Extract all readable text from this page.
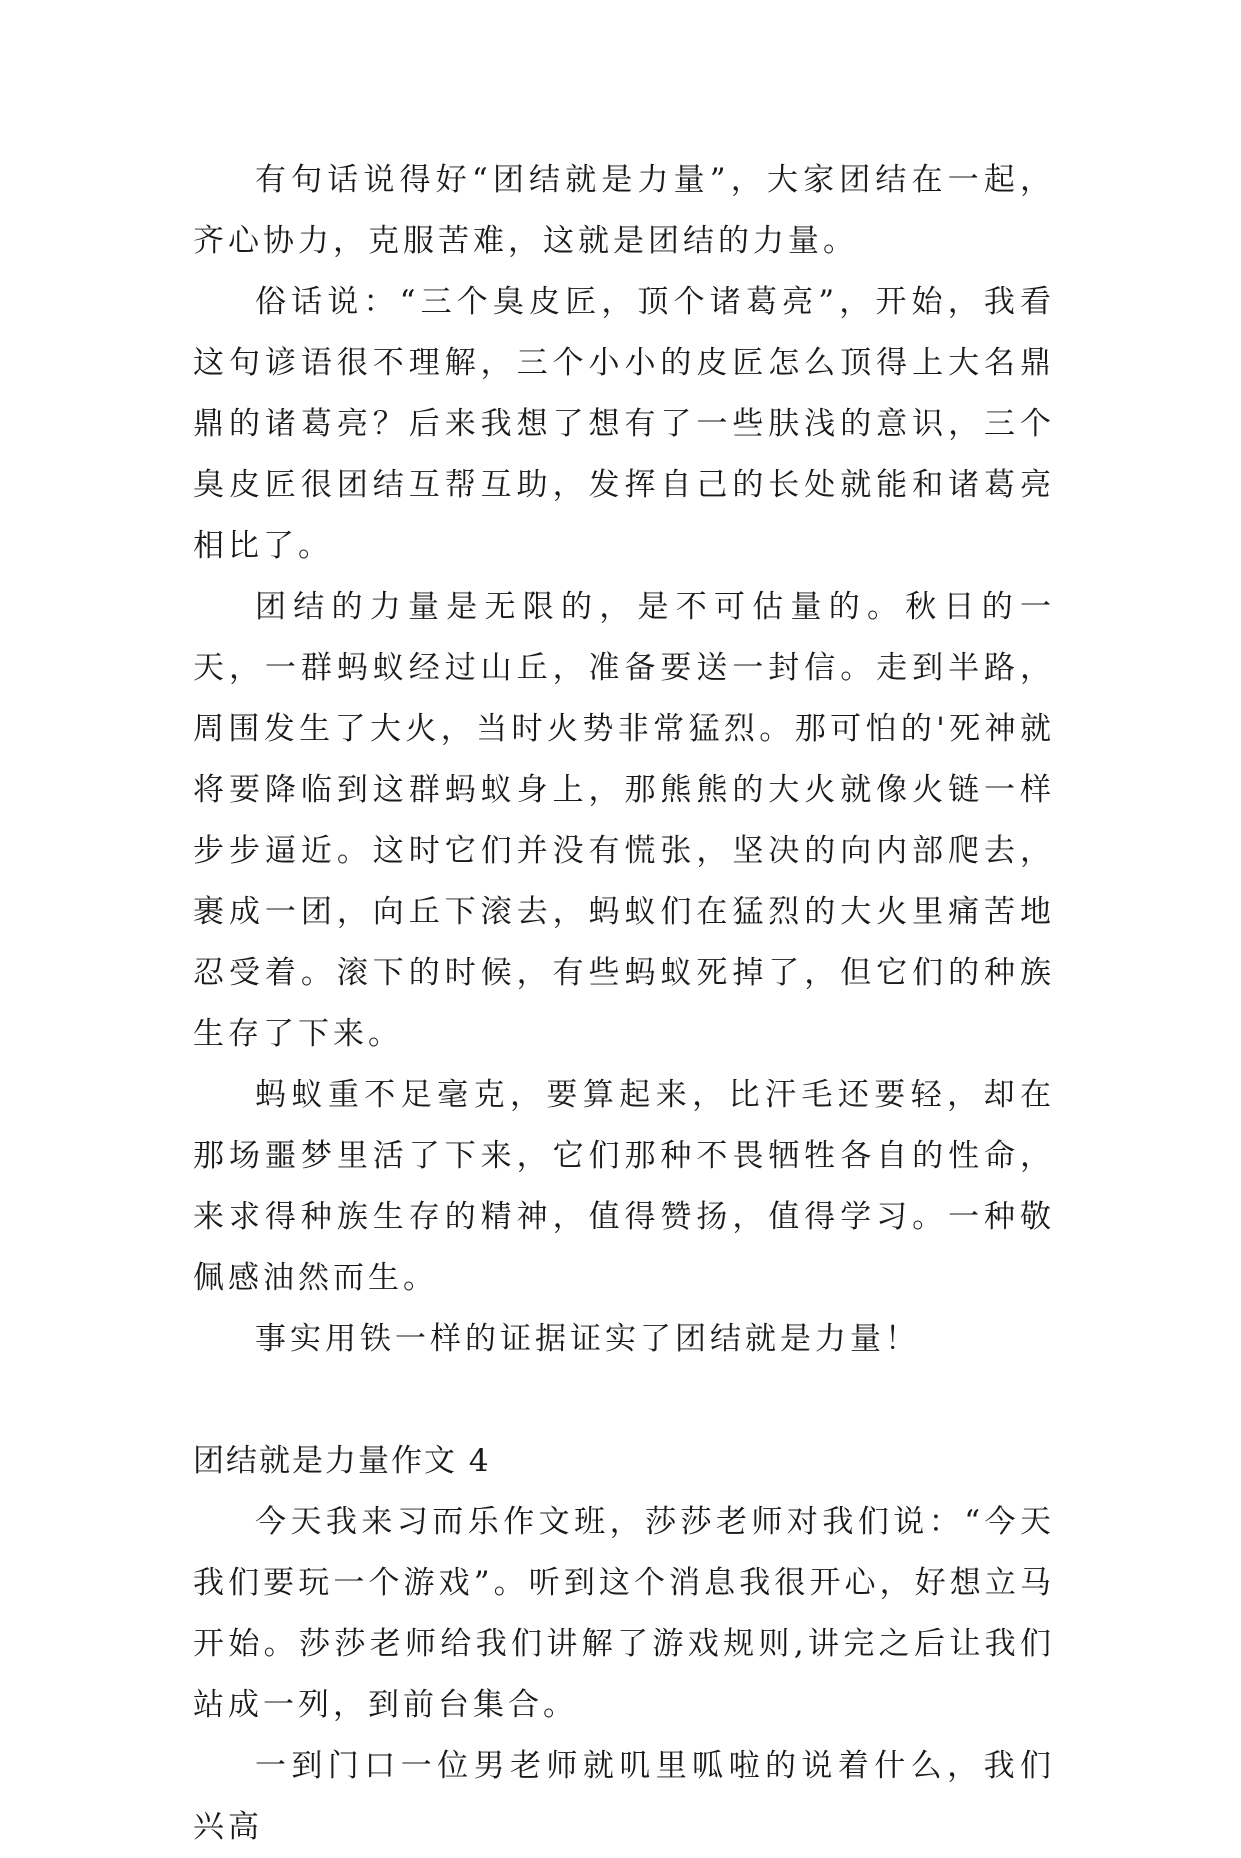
有句话说得好“团结就是力量”，大家团结在一起，齐心协力，克服苦难，这就是团结的力量。

俗话说：“三个臭皮匠，顶个诸葛亮”，开始，我看这句谚语很不理解，三个小小的皮匠怎么顶得上大名鼎鼎的诸葛亮？后来我想了想有了一些肤浅的意识，三个臭皮匠很团结互帮互助，发挥自己的长处就能和诸葛亮相比了。

团结的力量是无限的，是不可估量的。秋日的一天，一群蚂蚁经过山丘，准备要送一封信。走到半路，周围发生了大火，当时火势非常猛烈。那可怕的'死神就将要降临到这群蚂蚁身上，那熊熊的大火就像火链一样步步逼近。这时它们并没有慌张，坚决的向内部爬去，裹成一团，向丘下滚去，蚂蚁们在猛烈的大火里痛苦地忍受着。滚下的时候，有些蚂蚁死掉了，但它们的种族生存了下来。

蚂蚁重不足毫克，要算起来，比汗毛还要轻，却在那场噩梦里活了下来，它们那种不畏牺牲各自的性命，来求得种族生存的精神，值得赞扬，值得学习。一种敬佩感油然而生。

事实用铁一样的证据证实了团结就是力量！

团结就是力量作文 4

今天我来习而乐作文班，莎莎老师对我们说：“今天我们要玩一个游戏”。听到这个消息我很开心，好想立马开始。莎莎老师给我们讲解了游戏规则,讲完之后让我们站成一列，到前台集合。

一到门口一位男老师就叽里呱啦的说着什么，我们兴高
